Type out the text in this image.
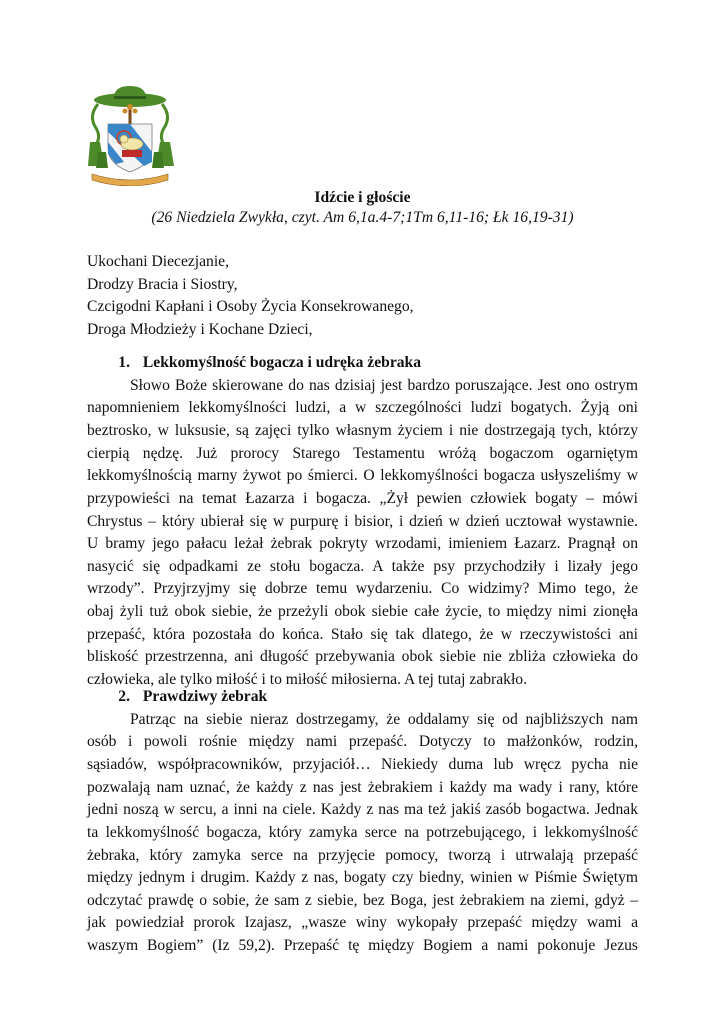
Idźcie i głoście
(26 Niedziela Zwykła, czyt. Am 6,1a.4-7;1Tm 6,11-16; Łk 16,19-31)
Ukochani Diecezjanie,
Drodzy Bracia i Siostry,
Czcigodni Kapłani i Osoby Życia Konsekrowanego,
Droga Młodzieży i Kochane Dzieci,
1. Lekkomyślność bogacza i udręka żebraka
Słowo Boże skierowane do nas dzisiaj jest bardzo poruszające. Jest ono ostrym
napomnieniem lekkomyślności ludzi, a w szczególności ludzi bogatych. Żyją oni
beztrosko, w luksusie, są zajęci tylko własnym życiem i nie dostrzegają tych, którzy
cierpią nędzę. Już prorocy Starego Testamentu wróżą bogaczom ogarniętym
lekkomyślnością marny żywot po śmierci. O lekkomyślności bogacza usłyszeliśmy w
przypowieści na temat Łazarza i bogacza. „Żył pewien człowiek bogaty – mówi
Chrystus – który ubierał się w purpurę i bisior, i dzień w dzień ucztował wystawnie.
U bramy jego pałacu leżał żebrak pokryty wrzodami, imieniem Łazarz. Pragnął on
nasycić się odpadkami ze stołu bogacza. A także psy przychodziły i lizały jego
wrzody”. Przyjrzyjmy się dobrze temu wydarzeniu. Co widzimy? Mimo tego, że
obaj żyli tuż obok siebie, że przeżyli obok siebie całe życie, to między nimi zionęła
przepaść, która pozostała do końca. Stało się tak dlatego, że w rzeczywistości ani
bliskość przestrzenna, ani długość przebywania obok siebie nie zbliża człowieka do
człowieka, ale tylko miłość i to miłość miłosierna. A tej tutaj zabrakło.
2. Prawdziwy żebrak
Patrząc na siebie nieraz dostrzegamy, że oddalamy się od najbliższych nam
osób i powoli rośnie między nami przepaść. Dotyczy to małżonków, rodzin,
sąsiadów, współpracowników, przyjaciół… Niekiedy duma lub wręcz pycha nie
pozwalają nam uznać, że każdy z nas jest żebrakiem i każdy ma wady i rany, które
jedni noszą w sercu, a inni na ciele. Każdy z nas ma też jakiś zasób bogactwa. Jednak
ta lekkomyślność bogacza, który zamyka serce na potrzebującego, i lekkomyślność
żebraka, który zamyka serce na przyjęcie pomocy, tworzą i utrwalają przepaść
między jednym i drugim. Każdy z nas, bogaty czy biedny, winien w Piśmie Świętym
odczytać prawdę o sobie, że sam z siebie, bez Boga, jest żebrakiem na ziemi, gdyż –
jak powiedział prorok Izajasz, „wasze winy wykopały przepaść między wami a
waszym Bogiem” (Iz 59,2). Przepaść tę między Bogiem a nami pokonuje Jezus
